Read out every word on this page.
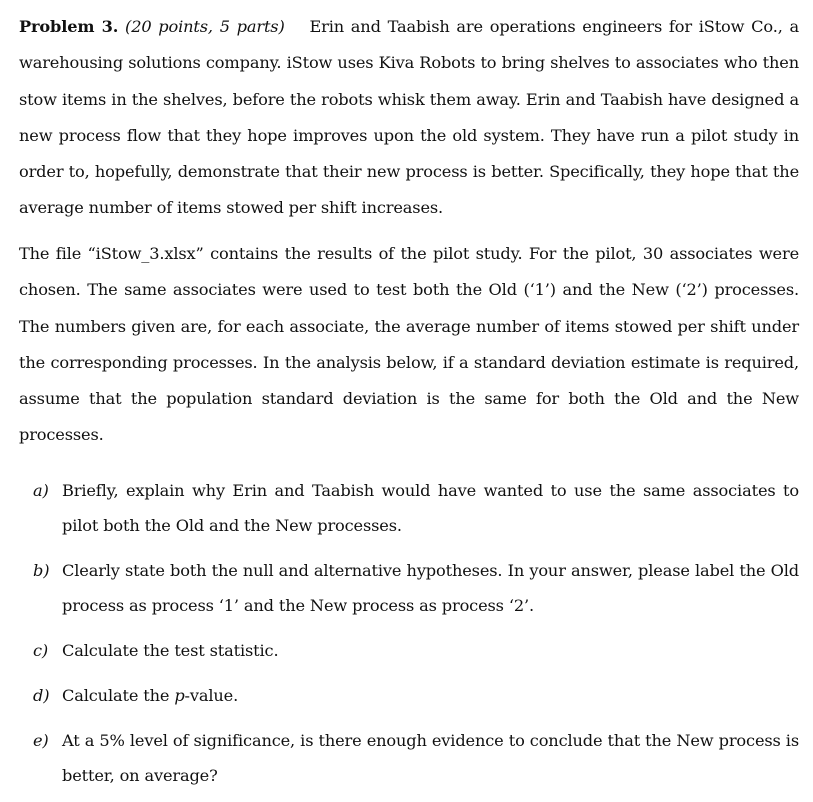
Problem 3. (20 points, 5 parts) Erin and Taabish are operations engineers for iStow Co., a warehousing solutions company. iStow uses Kiva Robots to bring shelves to associates who then stow items in the shelves, before the robots whisk them away. Erin and Taabish have designed a new process flow that they hope improves upon the old system. They have run a pilot study in order to, hopefully, demonstrate that their new process is better. Specifically, they hope that the average number of items stowed per shift increases.

The file “iStow_3.xlsx” contains the results of the pilot study. For the pilot, 30 associates were chosen. The same associates were used to test both the Old (‘1’) and the New (‘2’) processes. The numbers given are, for each associate, the average number of items stowed per shift under the corresponding processes. In the analysis below, if a standard deviation estimate is required, assume that the population standard deviation is the same for both the Old and the New processes.

a) Briefly, explain why Erin and Taabish would have wanted to use the same associates to pilot both the Old and the New processes.
b) Clearly state both the null and alternative hypotheses. In your answer, please label the Old process as process ‘1’ and the New process as process ‘2’.
c) Calculate the test statistic.
d) Calculate the p-value.
e) At a 5% level of significance, is there enough evidence to conclude that the New process is better, on average?
